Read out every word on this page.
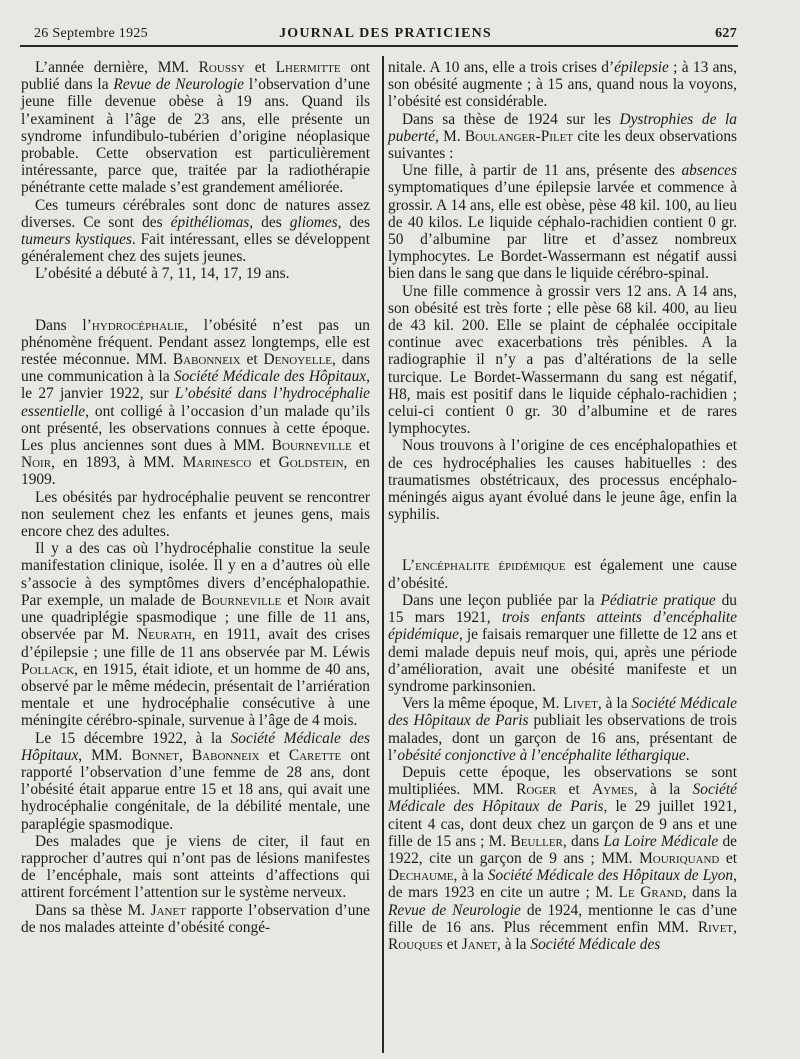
26 Septembre 1925	JOURNAL DES PRATICIENS	627

L’année dernière, MM. Roussy et Lhermitte ont publié dans la Revue de Neurologie l’observation d’une jeune fille devenue obèse à 19 ans. Quand ils l’examinent à l’âge de 23 ans, elle présente un syndrome infundibulo-tubérien d’origine néoplasique probable. Cette observation est particulièrement intéressante, parce que, traitée par la radiothérapie pénétrante cette malade s’est grandement améliorée.

Ces tumeurs cérébrales sont donc de natures assez diverses. Ce sont des épithéliomas, des gliomes, des tumeurs kystiques. Fait intéressant, elles se développent généralement chez des sujets jeunes.

L’obésité a débuté à 7, 11, 14, 17, 19 ans.

Dans l’hydrocéphalie, l’obésité n’est pas un phénomène fréquent. Pendant assez longtemps, elle est restée méconnue. MM. Babonneix et Denoyelle, dans une communication à la Société Médicale des Hôpitaux, le 27 janvier 1922, sur L’obésité dans l’hydrocéphalie essentielle, ont colligé à l’occasion d’un malade qu’ils ont présenté, les observations connues à cette époque. Les plus anciennes sont dues à MM. Bourneville et Noir, en 1893, à MM. Marinesco et Goldstein, en 1909.

Les obésités par hydrocéphalie peuvent se rencontrer non seulement chez les enfants et jeunes gens, mais encore chez des adultes.

Il y a des cas où l’hydrocéphalie constitue la seule manifestation clinique, isolée. Il y en a d’autres où elle s’associe à des symptômes divers d’encéphalopathie. Par exemple, un malade de Bourneville et Noir avait une quadriplégie spasmodique ; une fille de 11 ans, observée par M. Neurath, en 1911, avait des crises d’épilepsie ; une fille de 11 ans observée par M. Léwis Pollack, en 1915, était idiote, et un homme de 40 ans, observé par le même médecin, présentait de l’arriération mentale et une hydrocéphalie consécutive à une méningite cérébro-spinale, survenue à l’âge de 4 mois.

Le 15 décembre 1922, à la Société Médicale des Hôpitaux, MM. Bonnet, Babonneix et Carette ont rapporté l’observation d’une femme de 28 ans, dont l’obésité était apparue entre 15 et 18 ans, qui avait une hydrocéphalie congénitale, de la débilité mentale, une paraplégie spasmodique.

Des malades que je viens de citer, il faut en rapprocher d’autres qui n’ont pas de lésions manifestes de l’encéphale, mais sont atteints d’affections qui attirent forcément l’attention sur le système nerveux.

Dans sa thèse M. Janet rapporte l’observation d’une de nos malades atteinte d’obésité congé-

nitale. A 10 ans, elle a trois crises d’épilepsie ; à 13 ans, son obésité augmente ; à 15 ans, quand nous la voyons, l’obésité est considérable.

Dans sa thèse de 1924 sur les Dystrophies de la puberté, M. Boulanger-Pilet cite les deux observations suivantes :

Une fille, à partir de 11 ans, présente des absences symptomatiques d’une épilepsie larvée et commence à grossir. A 14 ans, elle est obèse, pèse 48 kil. 100, au lieu de 40 kilos. Le liquide céphalo-rachidien contient 0 gr. 50 d’albumine par litre et d’assez nombreux lymphocytes. Le Bordet-Wassermann est négatif aussi bien dans le sang que dans le liquide cérébro-spinal.

Une fille commence à grossir vers 12 ans. A 14 ans, son obésité est très forte ; elle pèse 68 kil. 400, au lieu de 43 kil. 200. Elle se plaint de céphalée occipitale continue avec exacerbations très pénibles. A la radiographie il n’y a pas d’altérations de la selle turcique. Le Bordet-Wassermann du sang est négatif, H8, mais est positif dans le liquide céphalo-rachidien ; celui-ci contient 0 gr. 30 d’albumine et de rares lymphocytes.

Nous trouvons à l’origine de ces encéphalopathies et de ces hydrocéphalies les causes habituelles : des traumatismes obstétricaux, des processus encéphalo-méningés aigus ayant évolué dans le jeune âge, enfin la syphilis.

L’encéphalite épidémique est également une cause d’obésité.

Dans une leçon publiée par la Pédiatrie pratique du 15 mars 1921, trois enfants atteints d’encéphalite épidémique, je faisais remarquer une fillette de 12 ans et demi malade depuis neuf mois, qui, après une période d’amélioration, avait une obésité manifeste et un syndrome parkinsonien.

Vers la même époque, M. Livet, à la Société Médicale des Hôpitaux de Paris publiait les observations de trois malades, dont un garçon de 16 ans, présentant de l’obésité conjonctive à l’encéphalite léthargique.

Depuis cette époque, les observations se sont multipliées. MM. Roger et Aymes, à la Société Médicale des Hôpitaux de Paris, le 29 juillet 1921, citent 4 cas, dont deux chez un garçon de 9 ans et une fille de 15 ans ; M. Beuller, dans La Loire Médicale de 1922, cite un garçon de 9 ans ; MM. Mouriquand et Dechaume, à la Société Médicale des Hôpitaux de Lyon, de mars 1923 en cite un autre ; M. Le Grand, dans la Revue de Neurologie de 1924, mentionne le cas d’une fille de 16 ans. Plus récemment enfin MM. Rivet, Rouques et Janet, à la Société Médicale des
